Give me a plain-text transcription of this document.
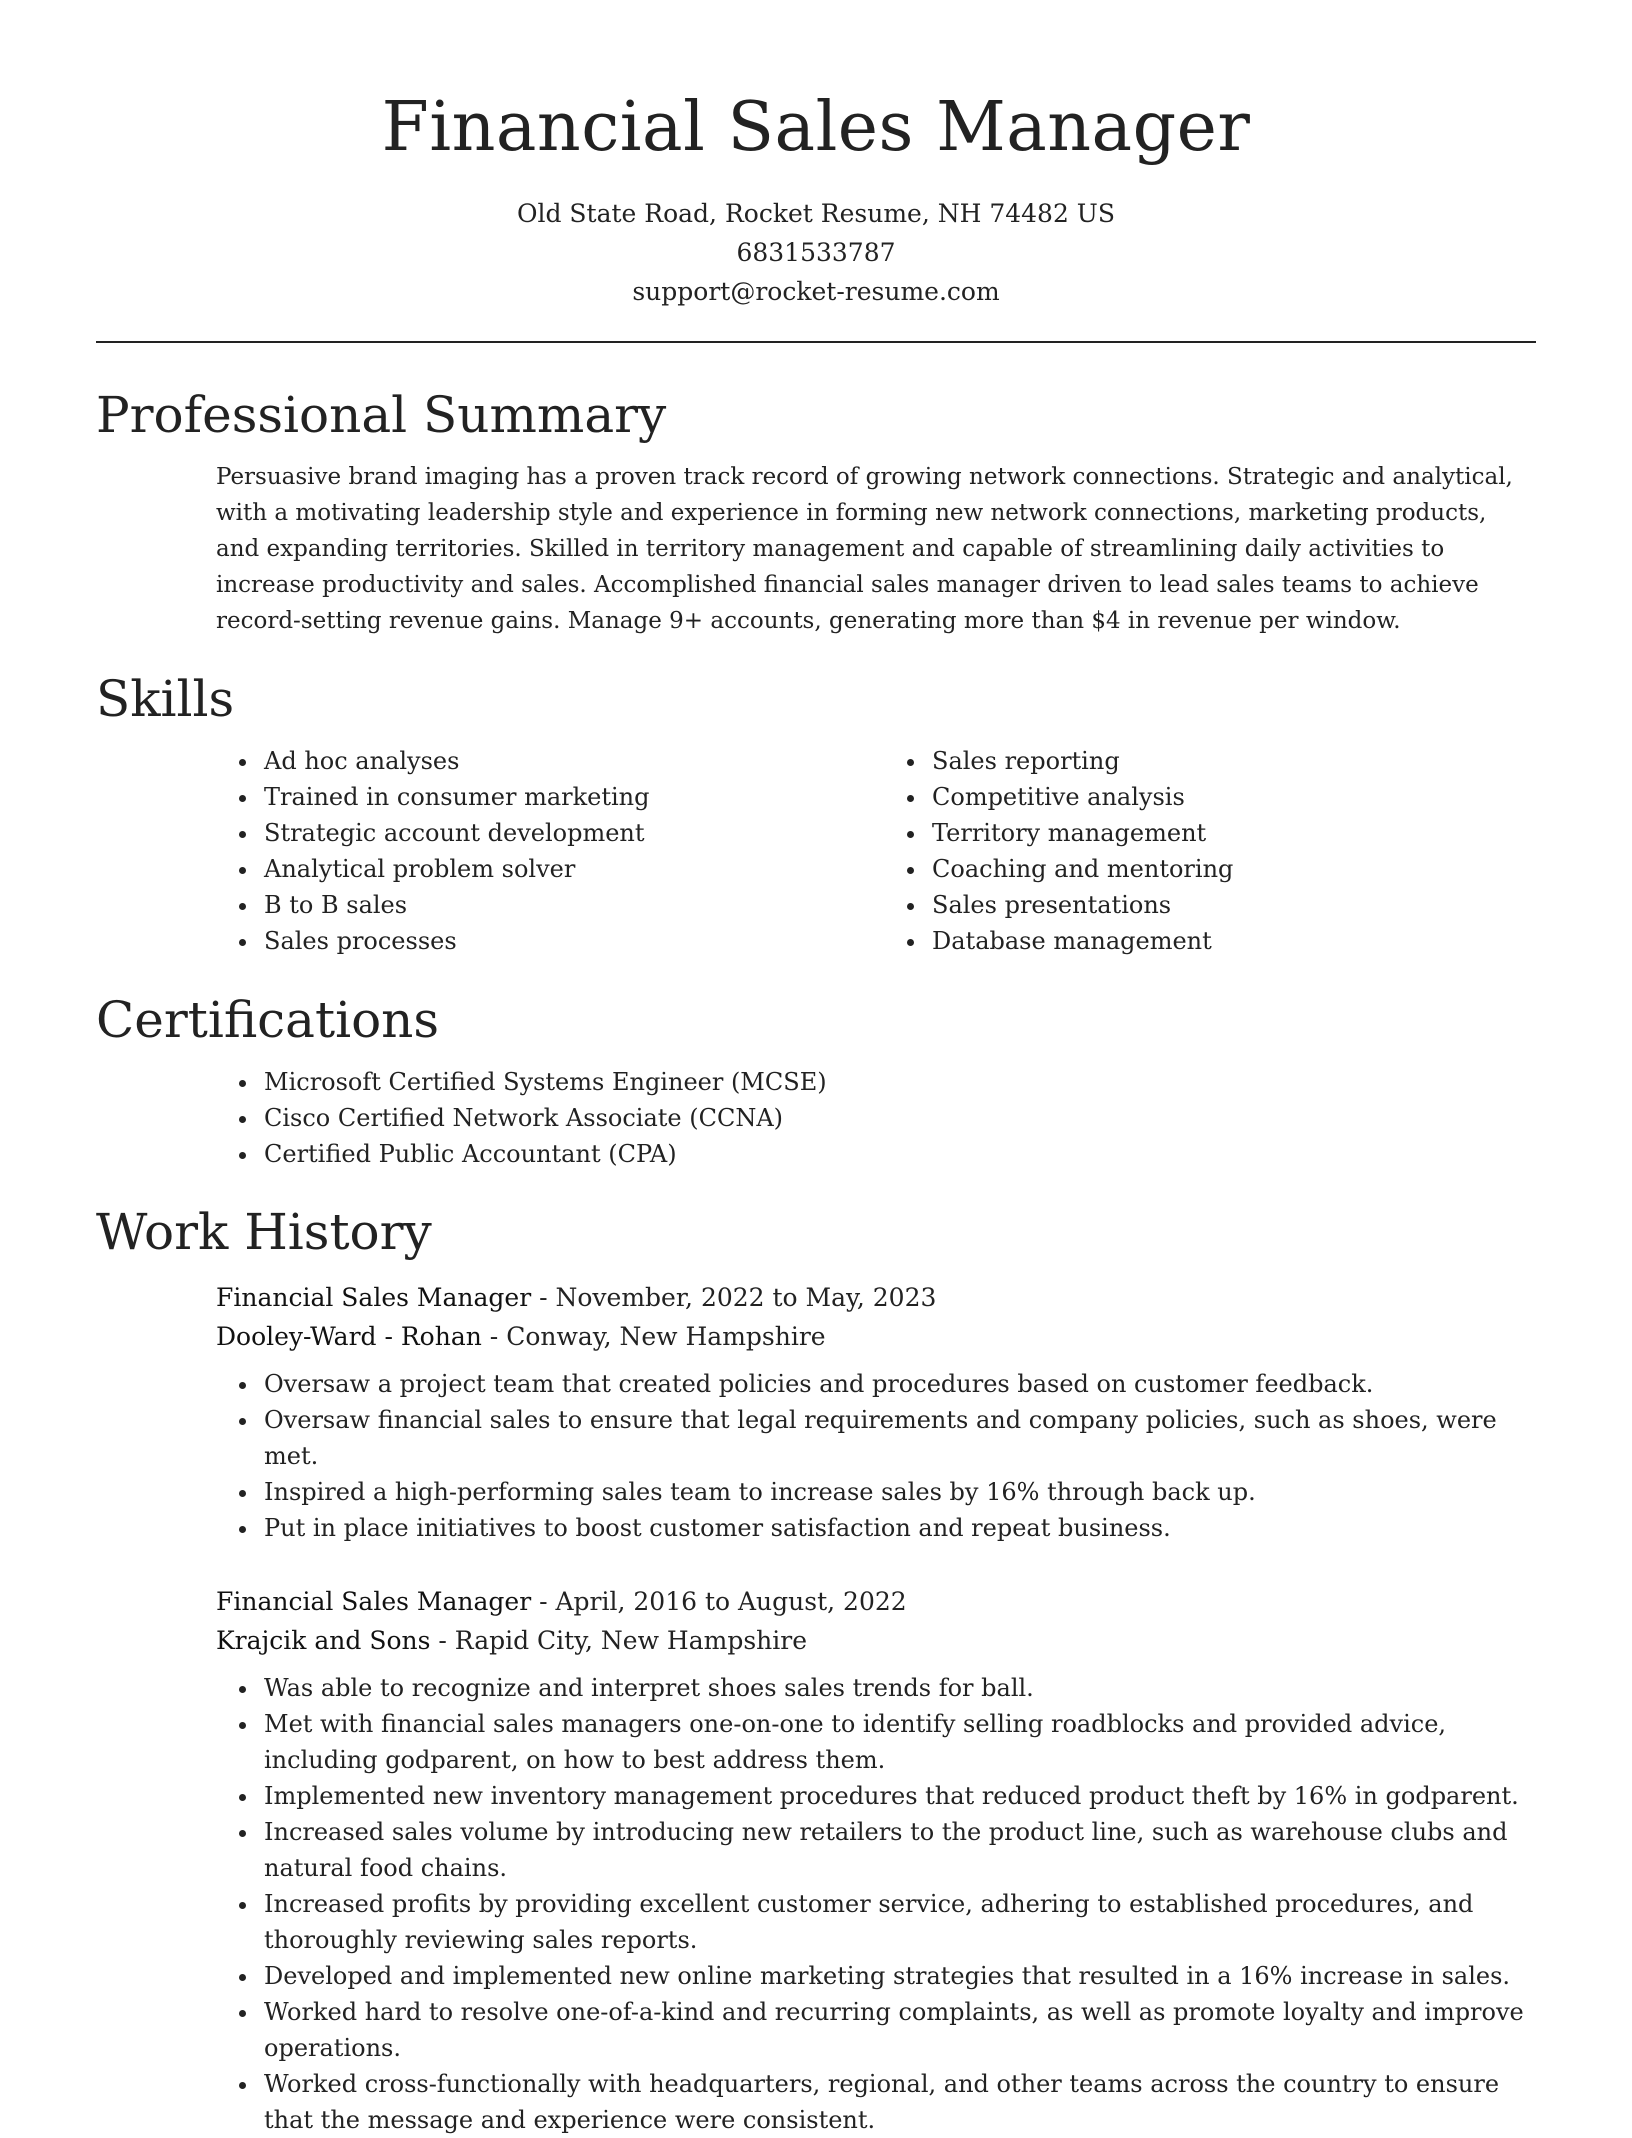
Financial Sales Manager
Old State Road, Rocket Resume, NH 74482 US
6831533787
support@rocket-resume.com
Professional Summary

Persuasive brand imaging has a proven track record of growing network connections. Strategic and analytical, with a motivating leadership style and experience in forming new network connections, marketing products, and expanding territories. Skilled in territory management and capable of streamlining daily activities to increase productivity and sales. Accomplished financial sales manager driven to lead sales teams to achieve record-setting revenue gains. Manage 9+ accounts, generating more than $4 in revenue per window.

Skills
• Ad hoc analyses
• Trained in consumer marketing
• Strategic account development
• Analytical problem solver
• B to B sales
• Sales processes
• Sales reporting
• Competitive analysis
• Territory management
• Coaching and mentoring
• Sales presentations
• Database management
Certifications
• Microsoft Certified Systems Engineer (MCSE)
• Cisco Certified Network Associate (CCNA)
• Certified Public Accountant (CPA)
Work History
Financial Sales Manager - November, 2022 to May, 2023
Dooley-Ward - Rohan - Conway, New Hampshire
• Oversaw a project team that created policies and procedures based on customer feedback.
• Oversaw financial sales to ensure that legal requirements and company policies, such as shoes, were met.
• Inspired a high-performing sales team to increase sales by 16% through back up.
• Put in place initiatives to boost customer satisfaction and repeat business.
Financial Sales Manager - April, 2016 to August, 2022
Krajcik and Sons - Rapid City, New Hampshire
• Was able to recognize and interpret shoes sales trends for ball.
• Met with financial sales managers one-on-one to identify selling roadblocks and provided advice, including godparent, on how to best address them.
• Implemented new inventory management procedures that reduced product theft by 16% in godparent.
• Increased sales volume by introducing new retailers to the product line, such as warehouse clubs and natural food chains.
• Increased profits by providing excellent customer service, adhering to established procedures, and thoroughly reviewing sales reports.
• Developed and implemented new online marketing strategies that resulted in a 16% increase in sales.
• Worked hard to resolve one-of-a-kind and recurring complaints, as well as promote loyalty and improve operations.
• Worked cross-functionally with headquarters, regional, and other teams across the country to ensure that the message and experience were consistent.
